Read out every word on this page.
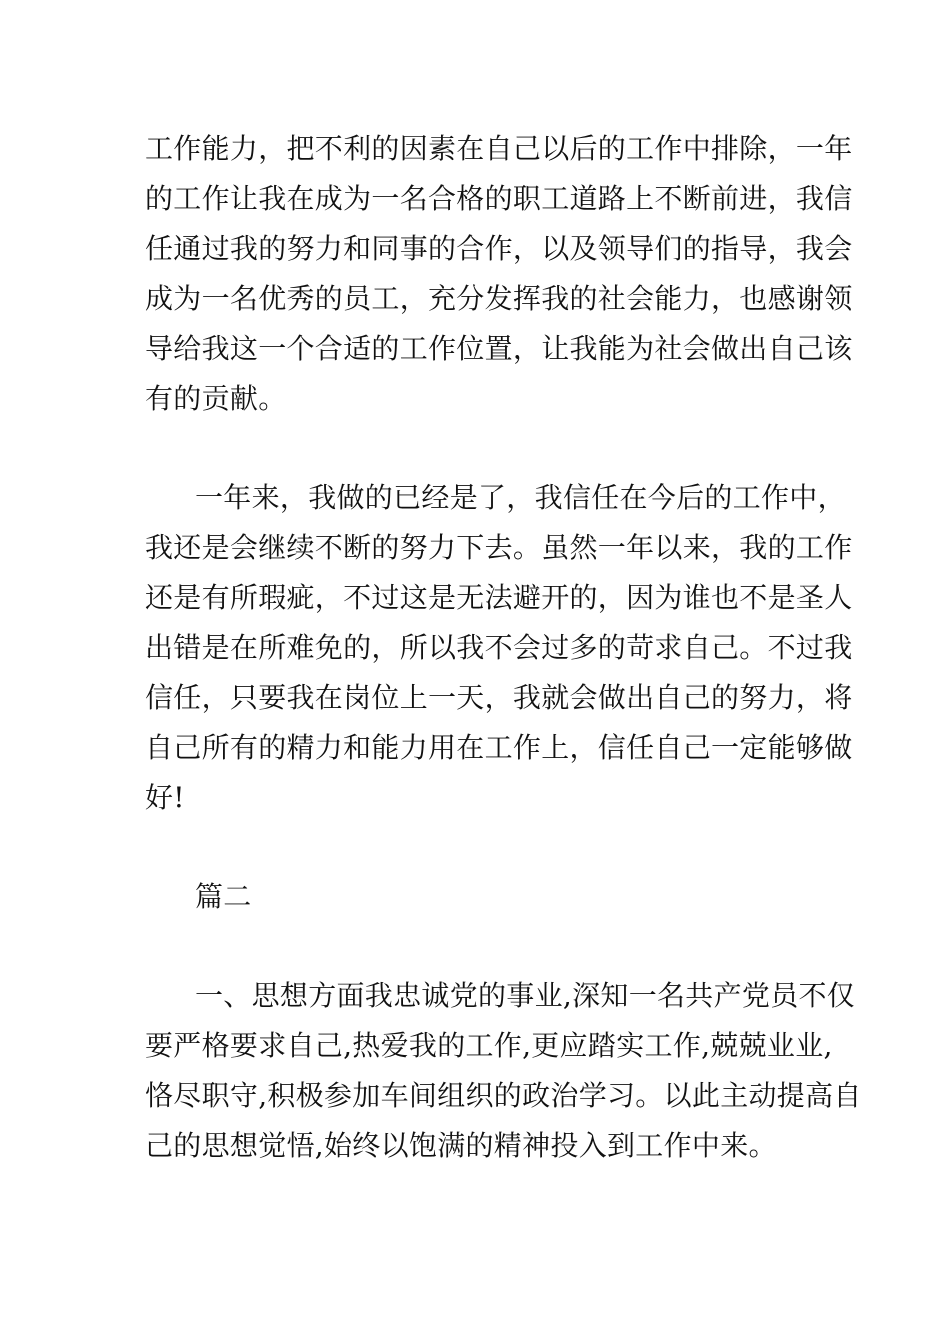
工作能力，把不利的因素在自己以后的工作中排除，一年
的工作让我在成为一名合格的职工道路上不断前进，我信
任通过我的努力和同事的合作，以及领导们的指导，我会
成为一名优秀的员工，充分发挥我的社会能力，也感谢领
导给我这一个合适的工作位置，让我能为社会做出自己该
有的贡献。
一年来，我做的已经是了，我信任在今后的工作中，
我还是会继续不断的努力下去。虽然一年以来，我的工作
还是有所瑕疵，不过这是无法避开的，因为谁也不是圣人
出错是在所难免的，所以我不会过多的苛求自己。不过我
信任，只要我在岗位上一天，我就会做出自己的努力，将
自己所有的精力和能力用在工作上，信任自己一定能够做
好!
篇二
一、思想方面我忠诚党的事业,深知一名共产党员不仅
要严格要求自己,热爱我的工作,更应踏实工作,兢兢业业,
恪尽职守,积极参加车间组织的政治学习。以此主动提高自
己的思想觉悟,始终以饱满的精神投入到工作中来。
